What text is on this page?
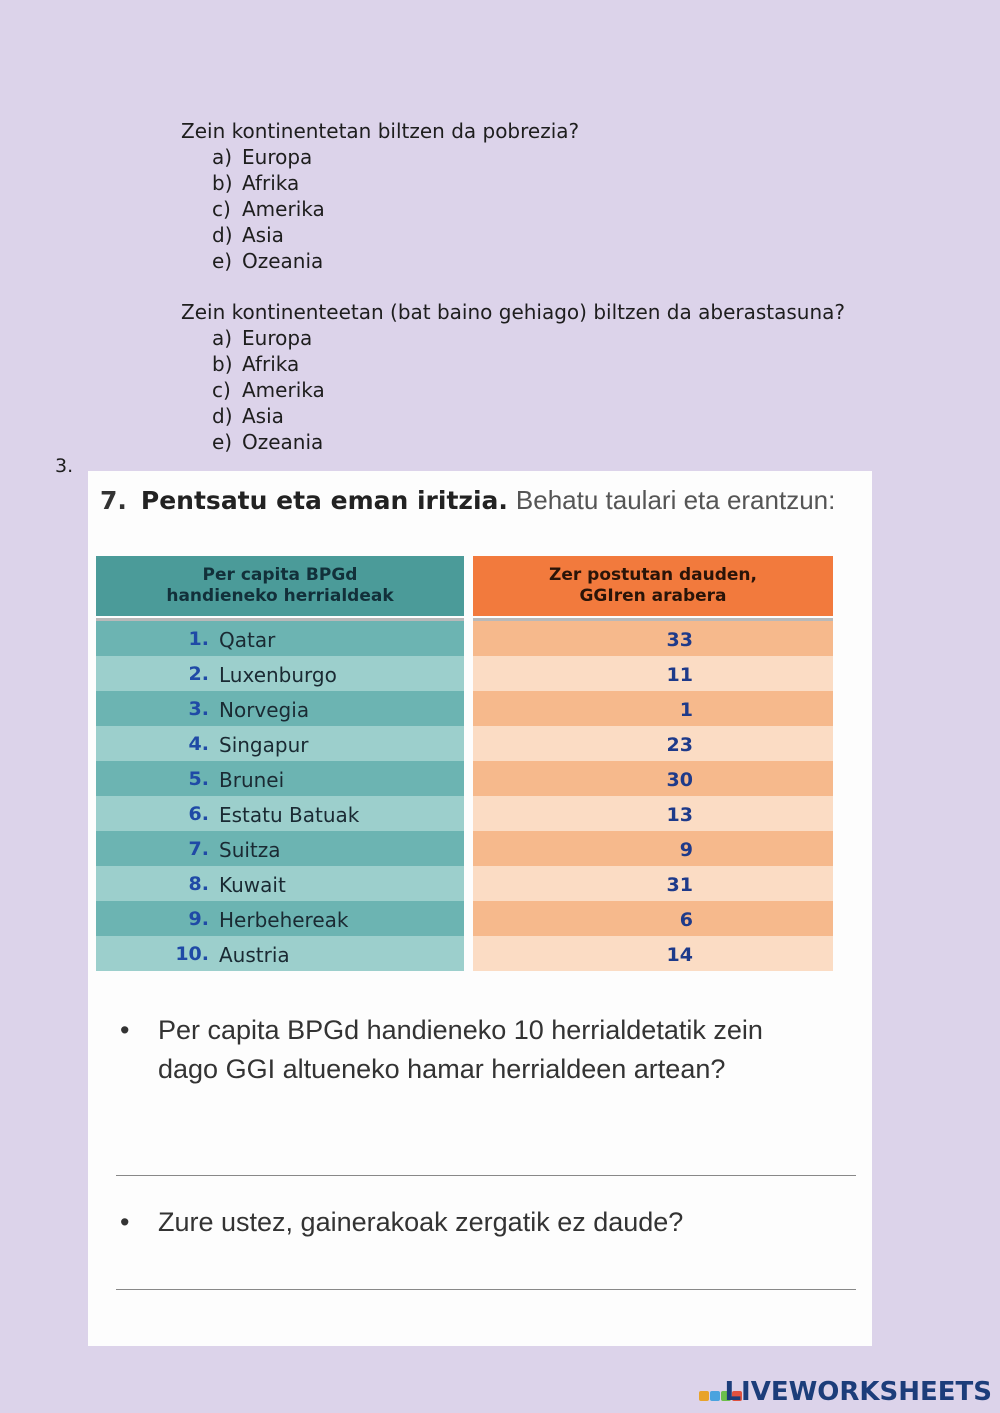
Zein kontinentetan biltzen da pobrezia?
a) Europa
b) Afrika
c) Amerika
d) Asia
e) Ozeania
Zein kontinenteetan (bat baino gehiago) biltzen da aberastasuna?
a) Europa
b) Afrika
c) Amerika
d) Asia
e) Ozeania
3.
7. Pentsatu eta eman iritzia. Behatu taulari eta erantzun:
Per capita BPGd
handieneko herrialdeak
Zer postutan dauden,
GGIren arabera
1. Qatar	33
2. Luxenburgo	11
3. Norvegia	1
4. Singapur	23
5. Brunei	30
6. Estatu Batuak	13
7. Suitza	9
8. Kuwait	31
9. Herbehereak	6
10. Austria	14
•	Per capita BPGd handieneko 10 herrialdetatik zein dago GGI altueneko hamar herrialdeen artean?
•	Zure ustez, gainerakoak zergatik ez daude?
LIVEWORKSHEETS
